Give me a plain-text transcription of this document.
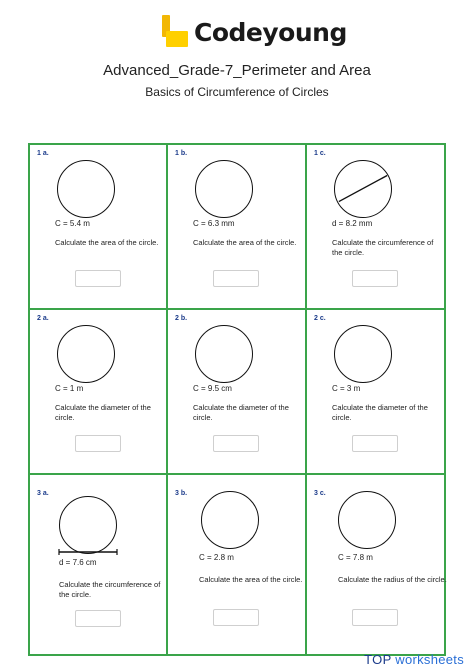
Codeyoung
Advanced_Grade-7_Perimeter and Area
Basics of Circumference of Circles
1 a.
C = 5.4 m
Calculate the area of the circle.
1 b.
C = 6.3 mm
Calculate the area of the circle.
1 c.
d = 8.2 mm
Calculate the circumference of the circle.
2 a.
C = 1 m
Calculate the diameter of the circle.
2 b.
C = 9.5 cm
Calculate the diameter of the circle.
2 c.
C = 3 m
Calculate the diameter of the circle.
3 a.
d = 7.6 cm
Calculate the circumference of the circle.
3 b.
C = 2.8 m
Calculate the area of the circle.
3 c.
C = 7.8 m
Calculate the radius of the circle.
TOP worksheets
